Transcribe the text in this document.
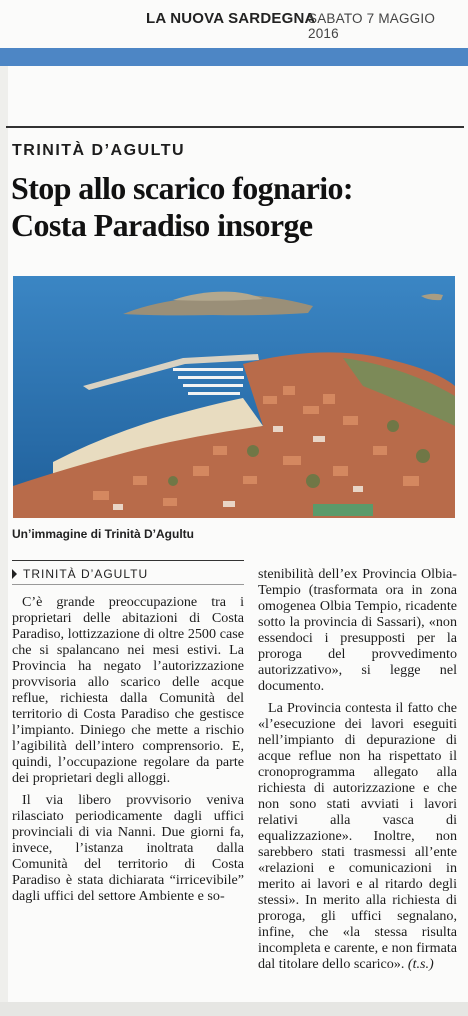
LA NUOVA SARDEGNA
SABATO 7 MAGGIO 2016
TRINITÀ D’AGULTU
Stop allo scarico fognario:
Costa Paradiso insorge
Un’immagine di Trinità D’Agultu
TRINITÀ D’AGULTU

C’è grande preoccupazione tra i proprietari delle abitazioni di Costa Paradiso, lottizzazione di oltre 2500 case che si spalancano nei mesi estivi. La Provincia ha negato l’autorizzazione provvisoria allo scarico delle acque reflue, richiesta dalla Comunità del territorio di Costa Paradiso che gestisce l’impianto. Diniego che mette a rischio l’agibilità dell’intero comprensorio. E, quindi, l’occupazione regolare da parte dei proprietari degli alloggi.

Il via libero provvisorio veniva rilasciato periodicamente dagli uffici provinciali di via Nanni. Due giorni fa, invece, l’istanza inoltrata dalla Comunità del territorio di Costa Paradiso è stata dichiarata “irricevibile” dagli uffici del settore Ambiente e so-

stenibilità dell’ex Provincia Olbia- Tempio (trasformata ora in zona omogenea Olbia Tempio, ricadente sotto la provincia di Sassari), «non essendoci i presupposti per la proroga del provvedimento autorizzativo», si legge nel documento.

La Provincia contesta il fatto che «l’esecuzione dei lavori eseguiti nell’impianto di depurazione di acque reflue non ha rispettato il cronoprogramma allegato alla richiesta di autorizzazione e che non sono stati avviati i lavori relativi alla vasca di equalizzazione». Inoltre, non sarebbero stati trasmessi all’ente «relazioni e comunicazioni in merito ai lavori e al ritardo degli stessi». In merito alla richiesta di proroga, gli uffici segnalano, infine, che «la stessa risulta incompleta e carente, e non firmata dal titolare dello scarico». (t.s.)
